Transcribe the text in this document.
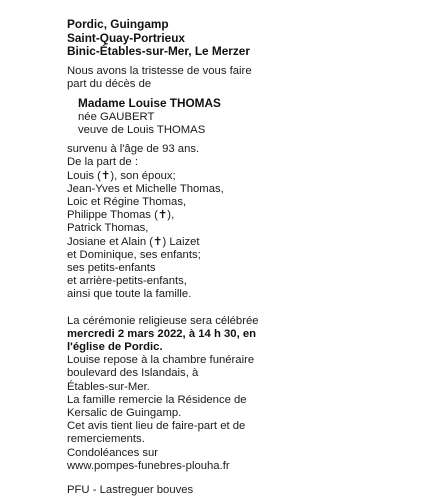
Pordic, Guingamp
Saint-Quay-Portrieux
Binic-Étables-sur-Mer, Le Merzer
Nous avons la tristesse de vous faire
part du décès de
Madame Louise THOMAS
née GAUBERT
veuve de Louis THOMAS
survenu à l'âge de 93 ans.
De la part de :
Louis (✝), son époux;
Jean-Yves et Michelle Thomas,
Loic et Régine Thomas,
Philippe Thomas (✝),
Patrick Thomas,
Josiane et Alain (✝) Laizet
et Dominique, ses enfants;
ses petits-enfants
et arrière-petits-enfants,
ainsi que toute la famille.
La cérémonie religieuse sera célébrée
mercredi 2 mars 2022, à 14 h 30, en
l'église de Pordic.
Louise repose à la chambre funéraire
boulevard des Islandais, à
Étables-sur-Mer.
La famille remercie la Résidence de
Kersalic de Guingamp.
Cet avis tient lieu de faire-part et de
remerciements.
Condoléances sur
www.pompes-funebres-plouha.fr
PFU - Lastreguer bouves
